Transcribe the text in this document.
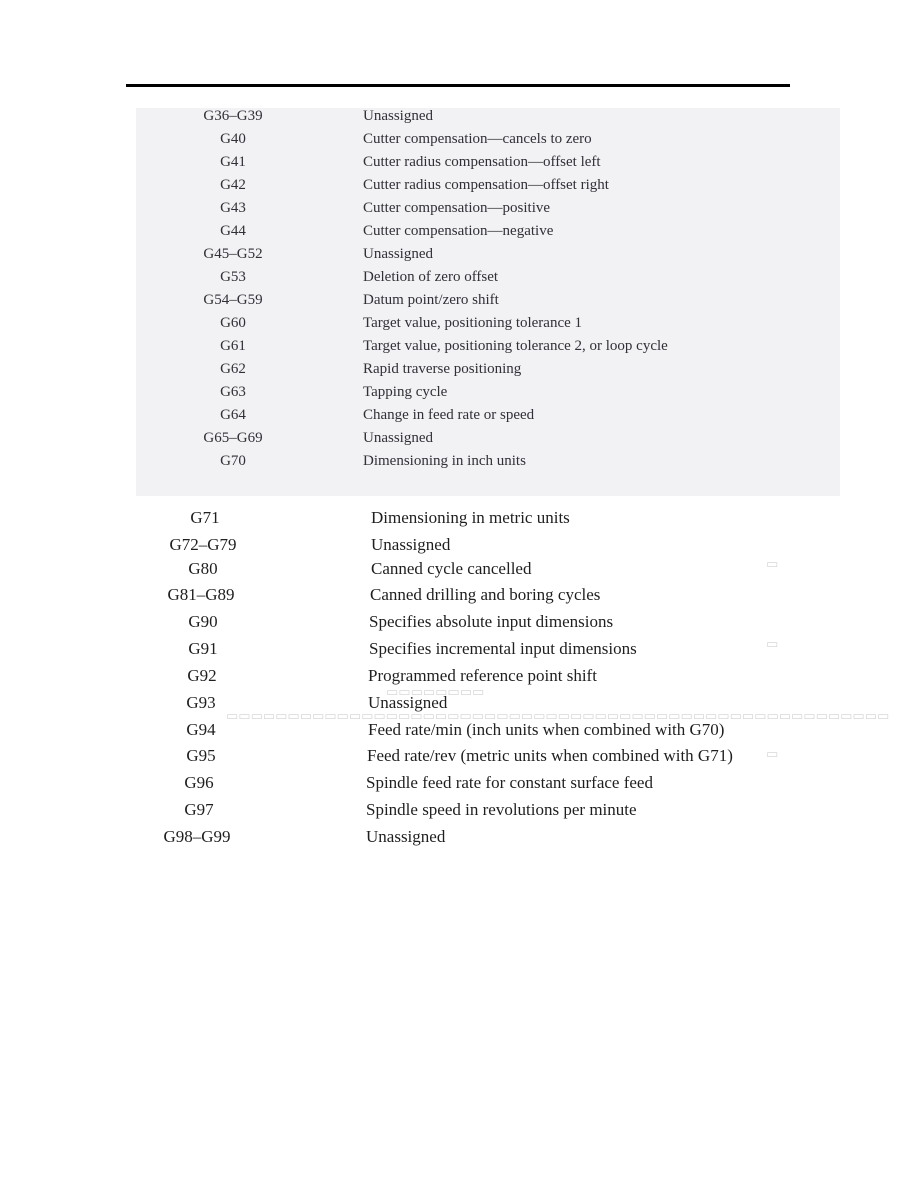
G36–G39	Unassigned
G40	Cutter compensation—cancels to zero
G41	Cutter radius compensation—offset left
G42	Cutter radius compensation—offset right
G43	Cutter compensation—positive
G44	Cutter compensation—negative
G45–G52	Unassigned
G53	Deletion of zero offset
G54–G59	Datum point/zero shift
G60	Target value, positioning tolerance 1
G61	Target value, positioning tolerance 2, or loop cycle
G62	Rapid traverse positioning
G63	Tapping cycle
G64	Change in feed rate or speed
G65–G69	Unassigned
G70	Dimensioning in inch units
▭▭▭▭▭▭▭▭
▭▭▭▭▭▭▭▭▭▭▭▭▭▭▭▭▭▭▭▭▭▭▭▭▭▭▭▭▭▭▭▭▭▭▭▭▭▭▭▭▭▭▭▭▭▭▭▭▭▭▭▭▭▭
▭
▭
▭
G71	Dimensioning in metric units
G72–G79	Unassigned
G80	Canned cycle cancelled
G81–G89	Canned drilling and boring cycles
G90	Specifies absolute input dimensions
G91	Specifies incremental input dimensions
G92	Programmed reference point shift
G93	Unassigned
G94	Feed rate/min (inch units when combined with G70)
G95	Feed rate/rev (metric units when combined with G71)
G96	Spindle feed rate for constant surface feed
G97	Spindle speed in revolutions per minute
G98–G99	Unassigned
